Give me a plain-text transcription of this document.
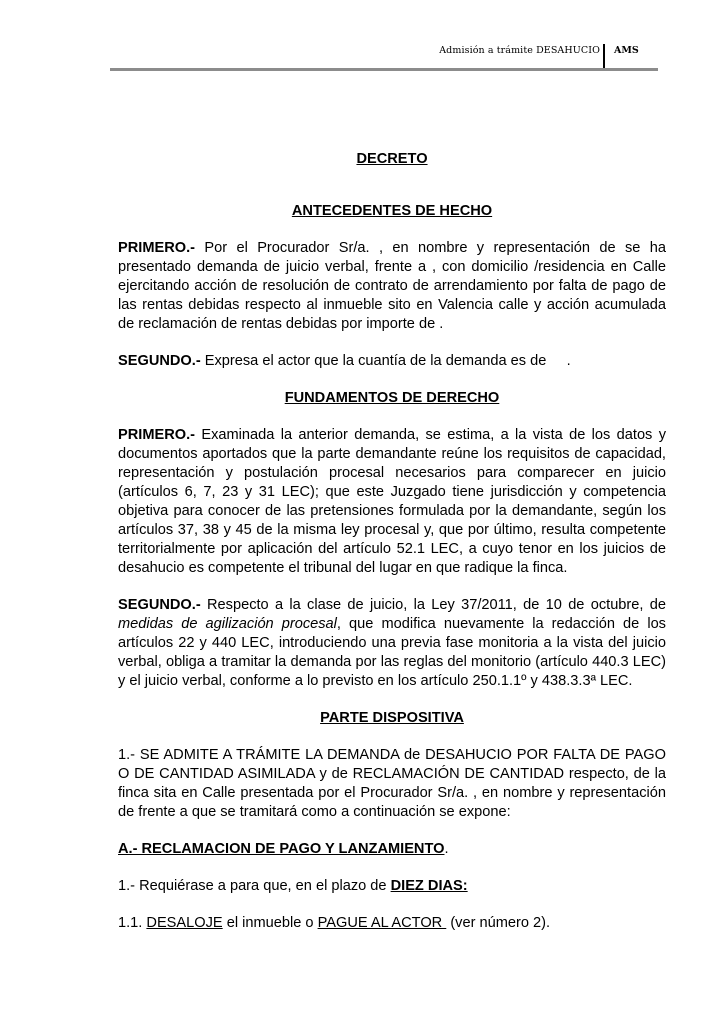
Admisión a trámite DESAHUCIO AMS

DECRETO

ANTECEDENTES DE HECHO

PRIMERO.- Por el Procurador Sr/a. , en nombre y representación de se ha presentado demanda de juicio verbal, frente a , con domicilio /residencia en Calle ejercitando acción de resolución de contrato de arrendamiento por falta de pago de las rentas debidas respecto al inmueble sito en Valencia calle y acción acumulada de reclamación de rentas debidas por importe de .

SEGUNDO.- Expresa el actor que la cuantía de la demanda es de     .

FUNDAMENTOS DE DERECHO

PRIMERO.- Examinada la anterior demanda, se estima, a la vista de los datos y documentos aportados que la parte demandante reúne los requisitos de capacidad, representación y postulación procesal necesarios para comparecer en juicio (artículos 6, 7, 23 y 31 LEC); que este Juzgado tiene jurisdicción y competencia objetiva para conocer de las pretensiones formulada por la demandante, según los artículos 37, 38 y 45 de la misma ley procesal y, que por último, resulta competente territorialmente por aplicación del artículo 52.1 LEC, a cuyo tenor en los juicios de desahucio es competente el tribunal del lugar en que radique la finca.

SEGUNDO.- Respecto a la clase de juicio, la Ley 37/2011, de 10 de octubre, de medidas de agilización procesal, que modifica nuevamente la redacción de los artículos 22 y 440 LEC, introduciendo una previa fase monitoria a la vista del juicio verbal, obliga a tramitar la demanda por las reglas del monitorio (artículo 440.3 LEC) y el juicio verbal, conforme a lo previsto en los artículo 250.1.1º y 438.3.3ª LEC.

PARTE DISPOSITIVA

1.- SE ADMITE A TRÁMITE LA DEMANDA de DESAHUCIO POR FALTA DE PAGO O DE CANTIDAD ASIMILADA y de RECLAMACIÓN DE CANTIDAD respecto, de la finca sita en Calle presentada por el Procurador Sr/a. , en nombre y representación de frente a que se tramitará como a continuación se expone:

A.- RECLAMACION DE PAGO Y LANZAMIENTO.

1.- Requiérase a para que, en el plazo de DIEZ DIAS:

1.1. DESALOJE el inmueble o PAGUE AL ACTOR  (ver número 2).
